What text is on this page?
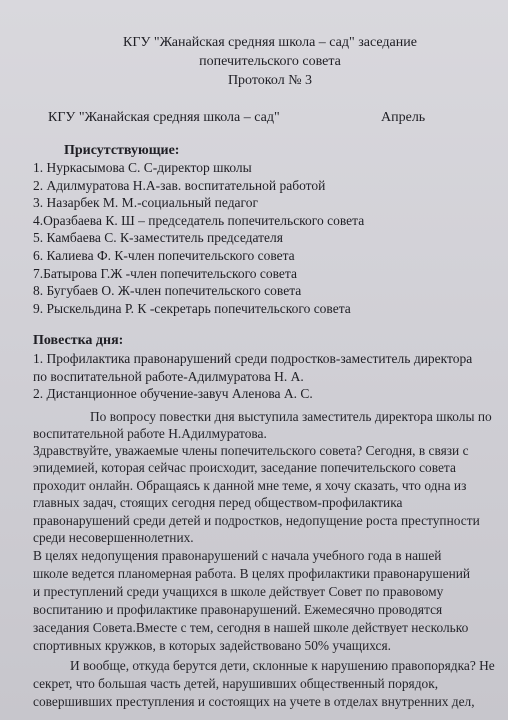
КГУ "Жанайская средняя школа – сад" заседание
попечительского совета
Протокол № 3
КГУ "Жанайская средняя школа – сад"	Апрель
Присутствующие:
1. Нуркасымова С. С-директор школы
2. Адилмуратова Н.А-зав. воспитательной работой
3. Назарбек М. М.-социальный педагог
4.Оразбаева К. Ш – председатель попечительского совета
5. Камбаева С. К-заместитель председателя
6. Калиева Ф. К-член попечительского совета
7.Батырова Г.Ж -член попечительского совета
8. Бугубаев О. Ж-член попечительского совета
9. Рыскельдина Р. К -секретарь попечительского совета
Повестка дня:
1. Профилактика правонарушений среди подростков-заместитель директора
по воспитательной работе-Адилмуратова Н. А.
2. Дистанционное обучение-завуч Аленова А. С.
По вопросу повестки дня выступила заместитель директора школы по
воспитательной работе Н.Адилмуратова.
Здравствуйте, уважаемые члены попечительского совета? Сегодня, в связи с
эпидемией, которая сейчас происходит, заседание попечительского совета
проходит онлайн. Обращаясь к данной мне теме, я хочу сказать, что одна из
главных задач, стоящих сегодня перед обществом-профилактика
правонарушений среди детей и подростков, недопущение роста преступности
среди несовершеннолетних.
В целях недопущения правонарушений с начала учебного года в нашей
школе ведется планомерная работа. В целях профилактики правонарушений
и преступлений среди учащихся в школе действует Совет по правовому
воспитанию и профилактике правонарушений. Ежемесячно проводятся
заседания Совета.Вместе с тем, сегодня в нашей школе действует несколько
спортивных кружков, в которых задействовано 50% учащихся.
И вообще, откуда берутся дети, склонные к нарушению правопорядка? Не
секрет, что большая часть детей, нарушивших общественный порядок,
совершивших преступления и состоящих на учете в отделах внутренних дел,
